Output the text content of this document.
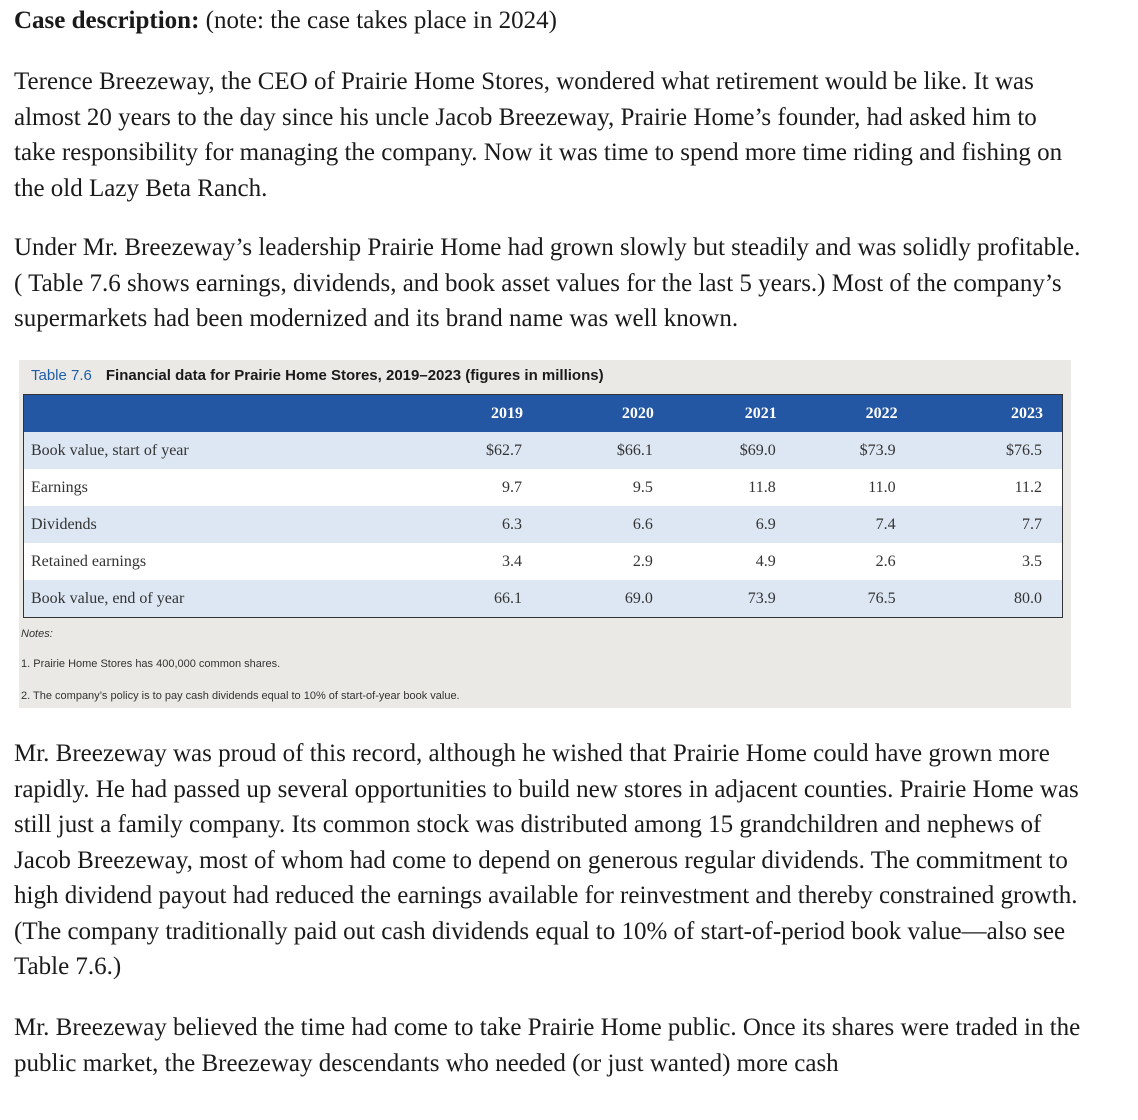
Case description: (note: the case takes place in 2024)

Terence Breezeway, the CEO of Prairie Home Stores, wondered what retirement would be like. It was almost 20 years to the day since his uncle Jacob Breezeway, Prairie Home’s founder, had asked him to take responsibility for managing the company. Now it was time to spend more time riding and fishing on the old Lazy Beta Ranch.

Under Mr. Breezeway’s leadership Prairie Home had grown slowly but steadily and was solidly profitable. ( Table 7.6 shows earnings, dividends, and book asset values for the last 5 years.) Most of the company’s supermarkets had been modernized and its brand name was well known.

Table 7.6 Financial data for Prairie Home Stores, 2019–2023 (figures in millions)
	2019	2020	2021	2022	2023
Book value, start of year	$62.7	$66.1	$69.0	$73.9	$76.5
Earnings	9.7	9.5	11.8	11.0	11.2
Dividends	6.3	6.6	6.9	7.4	7.7
Retained earnings	3.4	2.9	4.9	2.6	3.5
Book value, end of year	66.1	69.0	73.9	76.5	80.0
Notes:
1. Prairie Home Stores has 400,000 common shares.
2. The company’s policy is to pay cash dividends equal to 10% of start-of-year book value.

Mr. Breezeway was proud of this record, although he wished that Prairie Home could have grown more rapidly. He had passed up several opportunities to build new stores in adjacent counties. Prairie Home was still just a family company. Its common stock was distributed among 15 grandchildren and nephews of Jacob Breezeway, most of whom had come to depend on generous regular dividends. The commitment to high dividend payout had reduced the earnings available for reinvestment and thereby constrained growth. (The company traditionally paid out cash dividends equal to 10% of start-of-period book value—also see Table 7.6.)

Mr. Breezeway believed the time had come to take Prairie Home public. Once its shares were traded in the public market, the Breezeway descendants who needed (or just wanted) more cash
